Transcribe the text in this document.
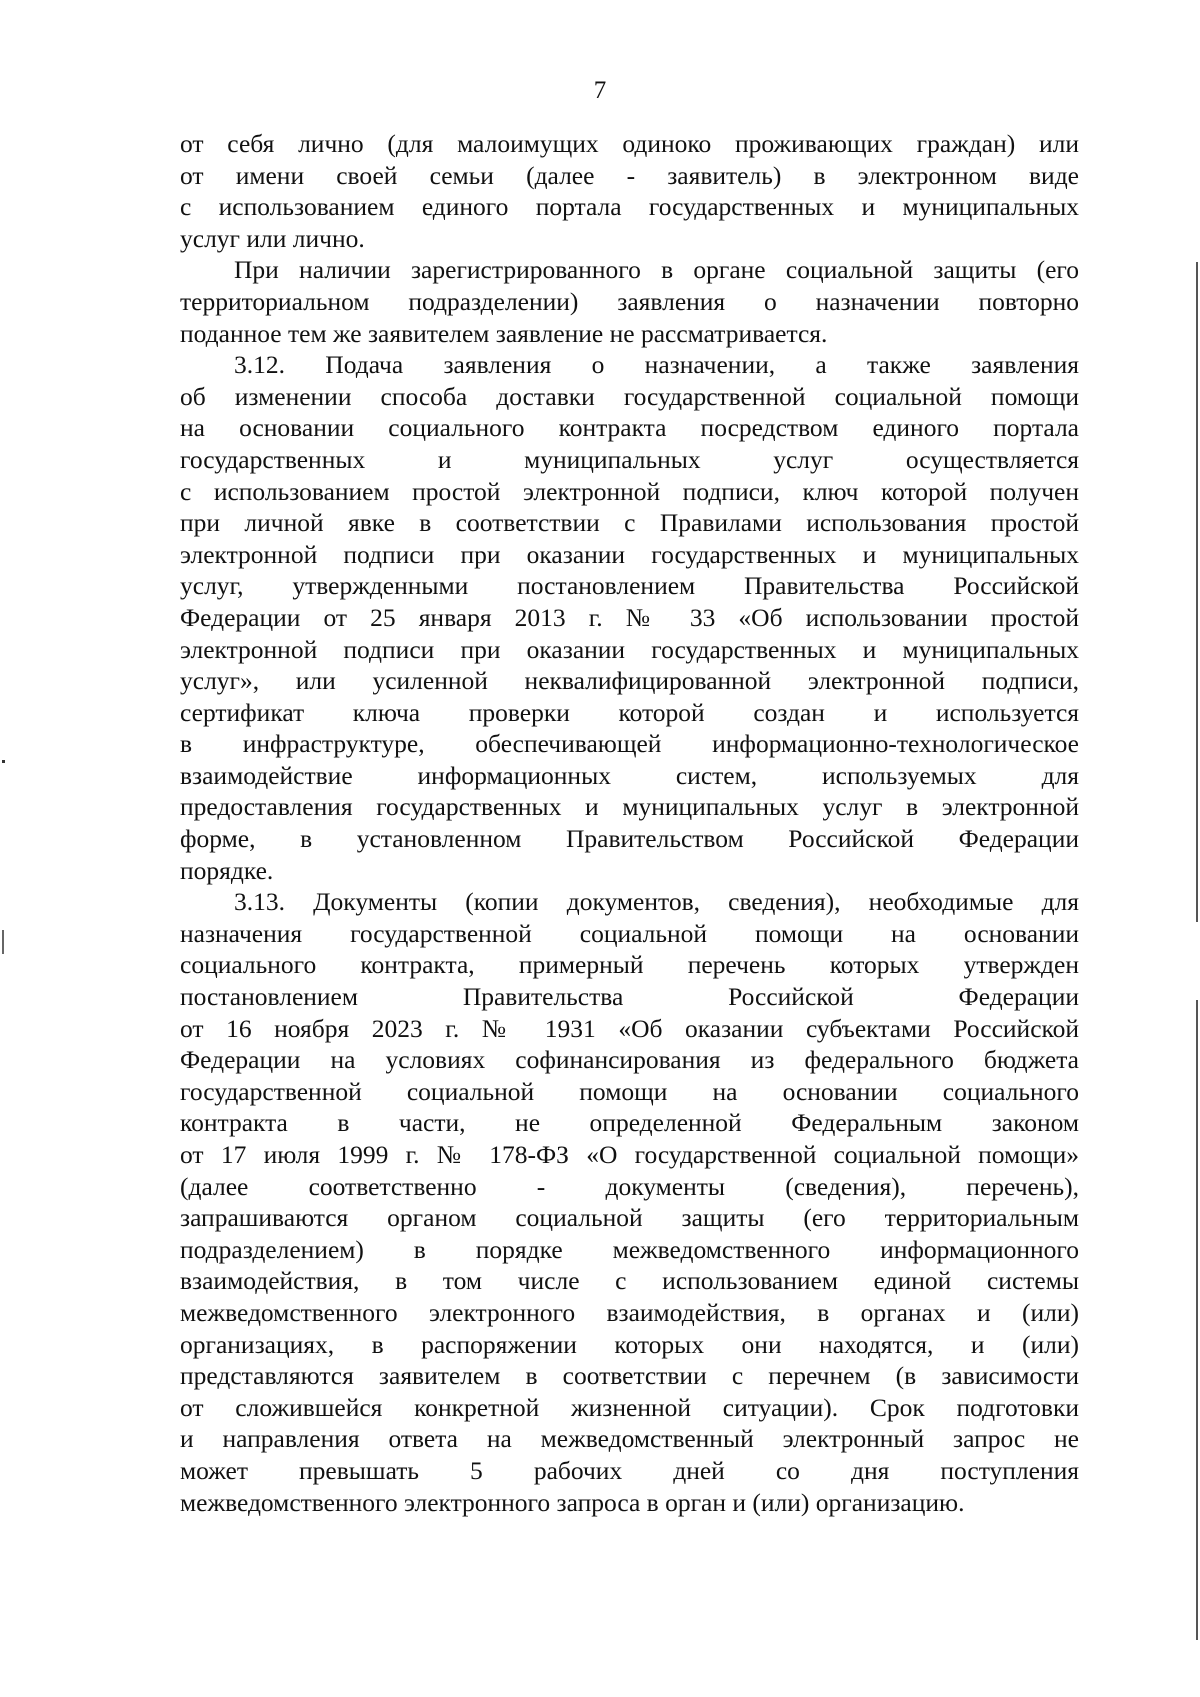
7
от себя лично (для малоимущих одиноко проживающих граждан) или
от имени своей семьи (далее - заявитель) в электронном виде
с использованием единого портала государственных и муниципальных
услуг или лично.
При наличии зарегистрированного в органе социальной защиты (его
территориальном подразделении) заявления о назначении повторно
поданное тем же заявителем заявление не рассматривается.
3.12. Подача заявления о назначении, а также заявления
об изменении способа доставки государственной социальной помощи
на основании социального контракта посредством единого портала
государственных и муниципальных услуг осуществляется
с использованием простой электронной подписи, ключ которой получен
при личной явке в соответствии с Правилами использования простой
электронной подписи при оказании государственных и муниципальных
услуг, утвержденными постановлением Правительства Российской
Федерации от 25 января 2013 г. № 33 «Об использовании простой
электронной подписи при оказании государственных и муниципальных
услуг», или усиленной неквалифицированной электронной подписи,
сертификат ключа проверки которой создан и используется
в инфраструктуре, обеспечивающей информационно-технологическое
взаимодействие информационных систем, используемых для
предоставления государственных и муниципальных услуг в электронной
форме, в установленном Правительством Российской Федерации
порядке.
3.13. Документы (копии документов, сведения), необходимые для
назначения государственной социальной помощи на основании
социального контракта, примерный перечень которых утвержден
постановлением Правительства Российской Федерации
от 16 ноября 2023 г. № 1931 «Об оказании субъектами Российской
Федерации на условиях софинансирования из федерального бюджета
государственной социальной помощи на основании социального
контракта в части, не определенной Федеральным законом
от 17 июля 1999 г. № 178-ФЗ «О государственной социальной помощи»
(далее соответственно - документы (сведения), перечень),
запрашиваются органом социальной защиты (его территориальным
подразделением) в порядке межведомственного информационного
взаимодействия, в том числе с использованием единой системы
межведомственного электронного взаимодействия, в органах и (или)
организациях, в распоряжении которых они находятся, и (или)
представляются заявителем в соответствии с перечнем (в зависимости
от сложившейся конкретной жизненной ситуации). Срок подготовки
и направления ответа на межведомственный электронный запрос не
может превышать 5 рабочих дней со дня поступления
межведомственного электронного запроса в орган и (или) организацию.
